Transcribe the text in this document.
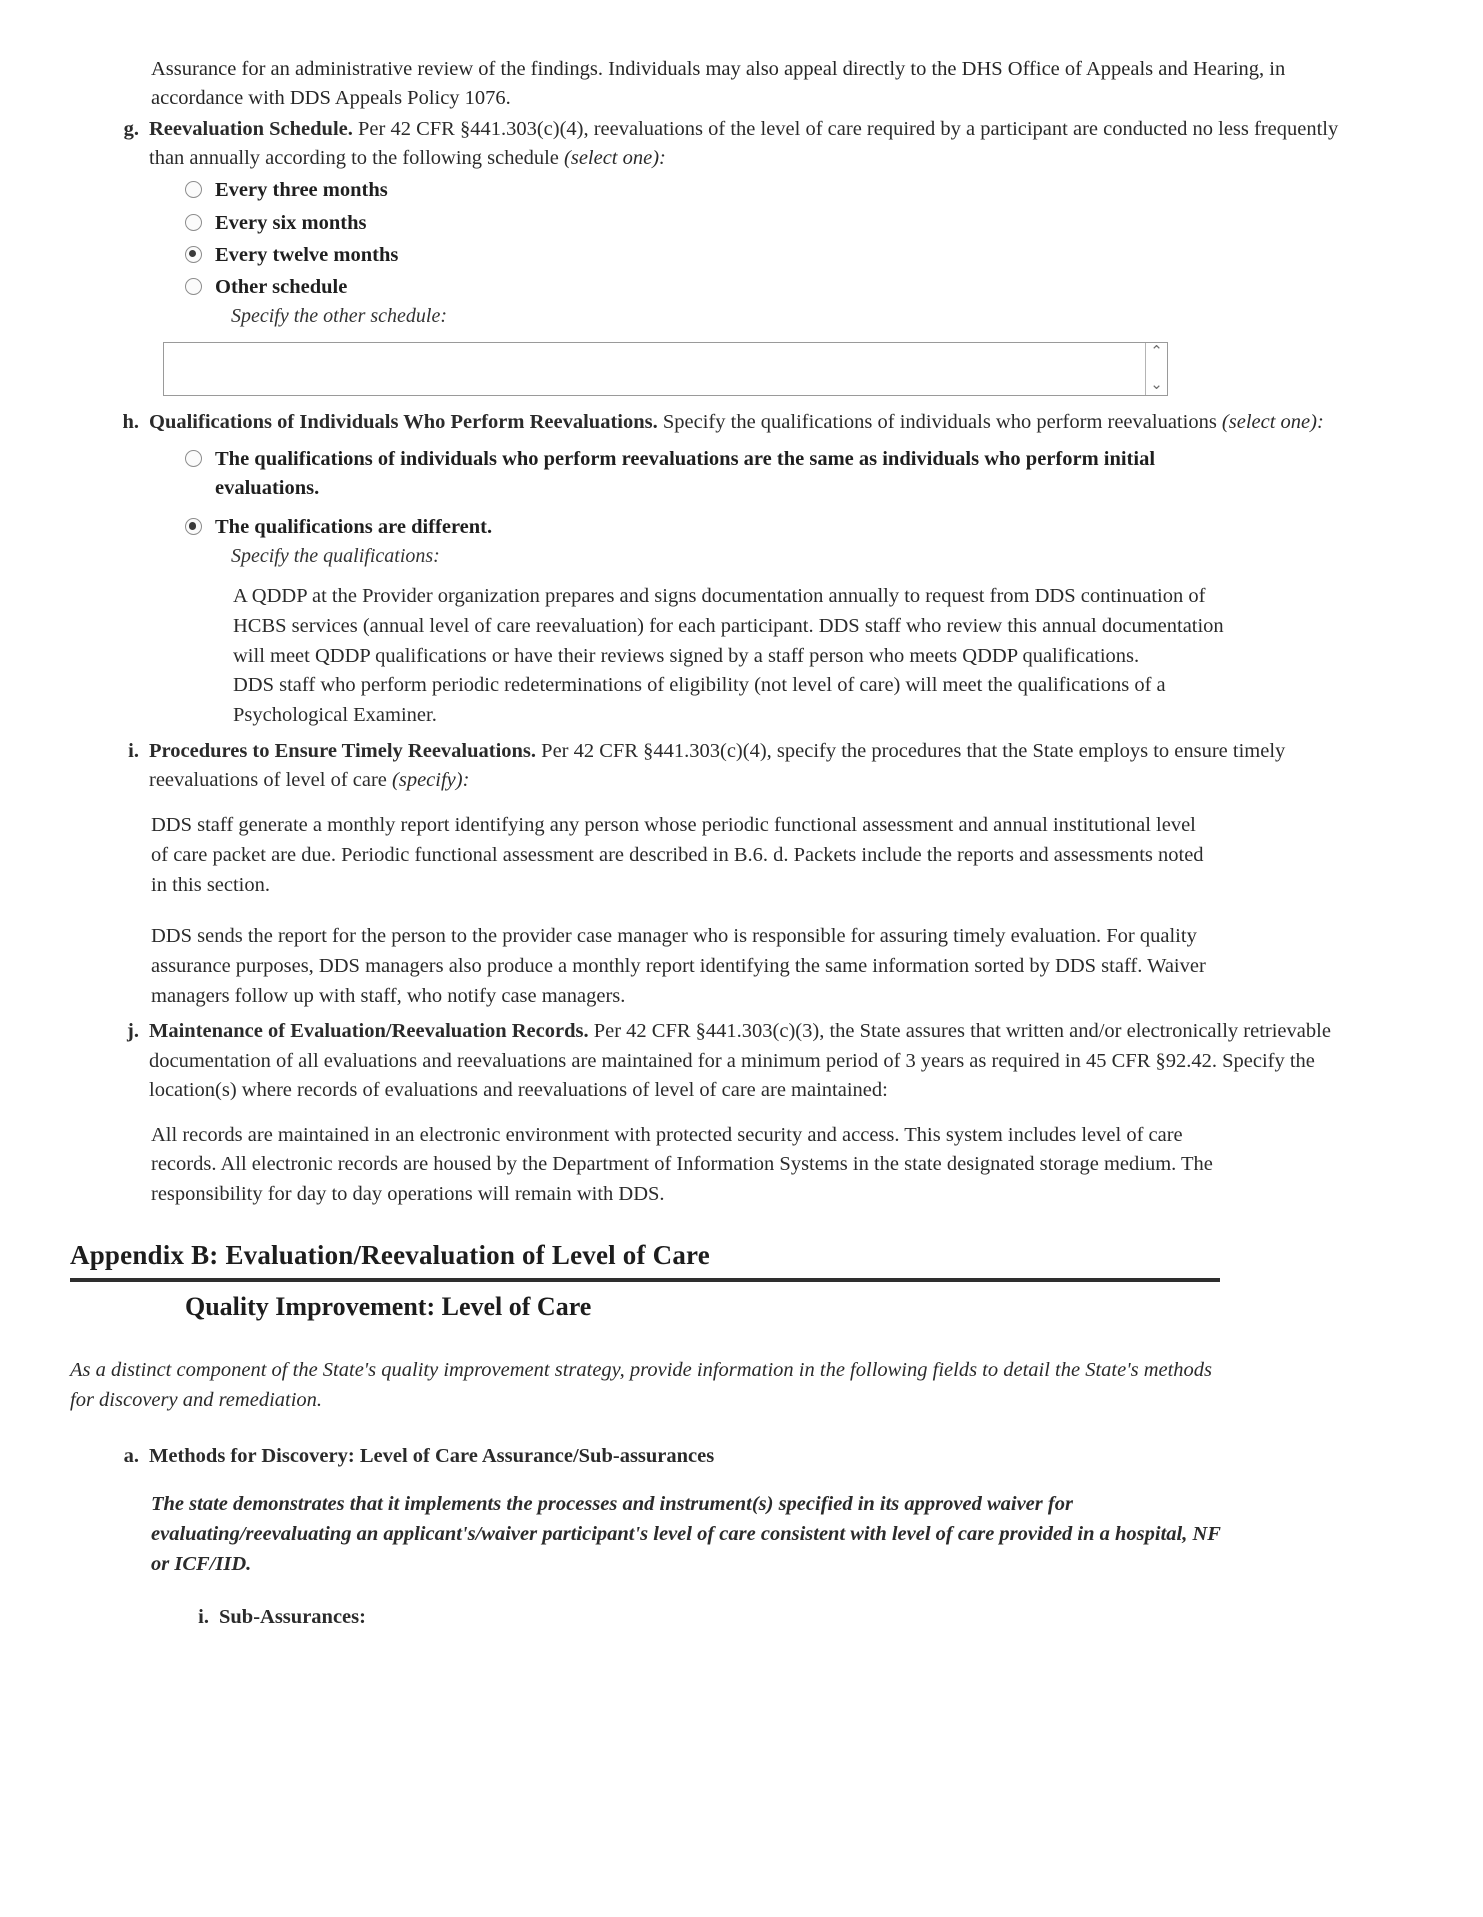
Assurance for an administrative review of the findings. Individuals may also appeal directly to the DHS Office of Appeals and Hearing, in accordance with DDS Appeals Policy 1076.

g. Reevaluation Schedule. Per 42 CFR §441.303(c)(4), reevaluations of the level of care required by a participant are conducted no less frequently than annually according to the following schedule (select one):
Every three months
Every six months
Every twelve months
Other schedule
Specify the other schedule:
⌃
⌄
h. Qualifications of Individuals Who Perform Reevaluations. Specify the qualifications of individuals who perform reevaluations (select one):
The qualifications of individuals who perform reevaluations are the same as individuals who perform initial evaluations.
The qualifications are different.
Specify the qualifications:
A QDDP at the Provider organization prepares and signs documentation annually to request from DDS continuation of HCBS services (annual level of care reevaluation) for each participant. DDS staff who review this annual documentation will meet QDDP qualifications or have their reviews signed by a staff person who meets QDDP qualifications.
DDS staff who perform periodic redeterminations of eligibility (not level of care) will meet the qualifications of a Psychological Examiner.
i. Procedures to Ensure Timely Reevaluations. Per 42 CFR §441.303(c)(4), specify the procedures that the State employs to ensure timely reevaluations of level of care (specify):
DDS staff generate a monthly report identifying any person whose periodic functional assessment and annual institutional level of care packet are due. Periodic functional assessment are described in B.6. d. Packets include the reports and assessments noted in this section.
DDS sends the report for the person to the provider case manager who is responsible for assuring timely evaluation. For quality assurance purposes, DDS managers also produce a monthly report identifying the same information sorted by DDS staff. Waiver managers follow up with staff, who notify case managers.
j. Maintenance of Evaluation/Reevaluation Records. Per 42 CFR §441.303(c)(3), the State assures that written and/or electronically retrievable documentation of all evaluations and reevaluations are maintained for a minimum period of 3 years as required in 45 CFR §92.42. Specify the location(s) where records of evaluations and reevaluations of level of care are maintained:
All records are maintained in an electronic environment with protected security and access. This system includes level of care records. All electronic records are housed by the Department of Information Systems in the state designated storage medium. The responsibility for day to day operations will remain with DDS.
Appendix B: Evaluation/Reevaluation of Level of Care
Quality Improvement: Level of Care
As a distinct component of the State's quality improvement strategy, provide information in the following fields to detail the State's methods for discovery and remediation.
a. Methods for Discovery: Level of Care Assurance/Sub-assurances
The state demonstrates that it implements the processes and instrument(s) specified in its approved waiver for evaluating/reevaluating an applicant's/waiver participant's level of care consistent with level of care provided in a hospital, NF or ICF/IID.
i. Sub-Assurances:
